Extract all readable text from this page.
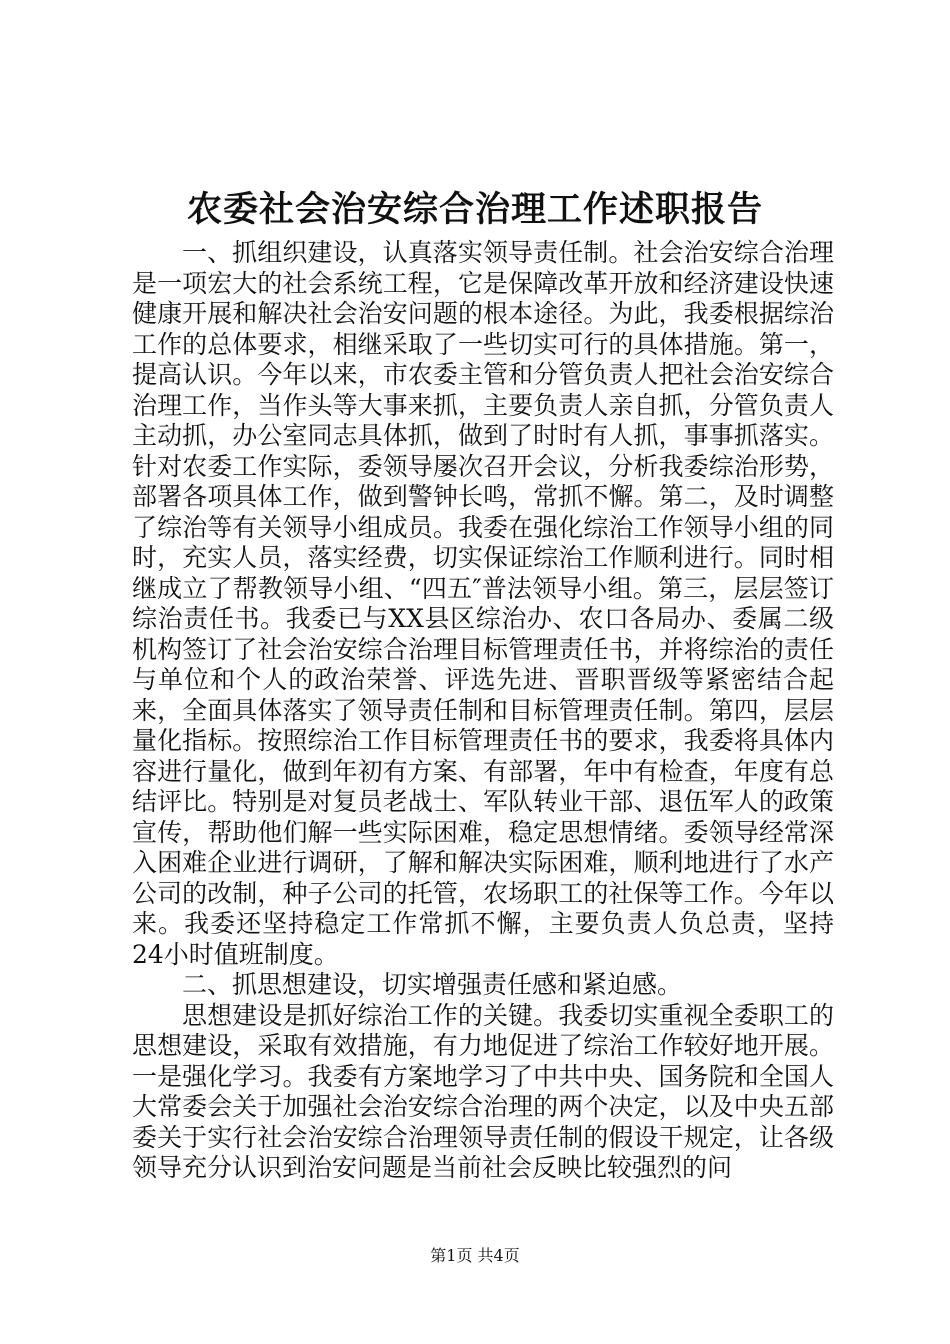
农委社会治安综合治理工作述职报告

一、抓组织建设，认真落实领导责任制。社会治安综合治理是一项宏大的社会系统工程，它是保障改革开放和经济建设快速健康开展和解决社会治安问题的根本途径。为此，我委根据综治工作的总体要求，相继采取了一些切实可行的具体措施。第一，提高认识。今年以来，市农委主管和分管负责人把社会治安综合治理工作，当作头等大事来抓，主要负责人亲自抓，分管负责人主动抓，办公室同志具体抓，做到了时时有人抓，事事抓落实。针对农委工作实际，委领导屡次召开会议，分析我委综治形势，部署各项具体工作，做到警钟长鸣，常抓不懈。第二，及时调整了综治等有关领导小组成员。我委在强化综治工作领导小组的同时，充实人员，落实经费，切实保证综治工作顺利进行。同时相继成立了帮教领导小组、“四五″普法领导小组。第三，层层签订综治责任书。我委已与XX县区综治办、农口各局办、委属二级机构签订了社会治安综合治理目标管理责任书，并将综治的责任与单位和个人的政治荣誉、评选先进、晋职晋级等紧密结合起来，全面具体落实了领导责任制和目标管理责任制。第四，层层量化指标。按照综治工作目标管理责任书的要求，我委将具体内容进行量化，做到年初有方案、有部署，年中有检查，年度有总结评比。特别是对复员老战士、军队转业干部、退伍军人的政策宣传，帮助他们解一些实际困难，稳定思想情绪。委领导经常深入困难企业进行调研，了解和解决实际困难，顺利地进行了水产公司的改制，种子公司的托管，农场职工的社保等工作。今年以来。我委还坚持稳定工作常抓不懈，主要负责人负总责，坚持24小时值班制度。

二、抓思想建设，切实增强责任感和紧迫感。

思想建设是抓好综治工作的关键。我委切实重视全委职工的思想建设，采取有效措施，有力地促进了综治工作较好地开展。一是强化学习。我委有方案地学习了中共中央、国务院和全国人大常委会关于加强社会治安综合治理的两个决定，以及中央五部委关于实行社会治安综合治理领导责任制的假设干规定，让各级领导充分认识到治安问题是当前社会反映比较强烈的问

第1页 共4页
